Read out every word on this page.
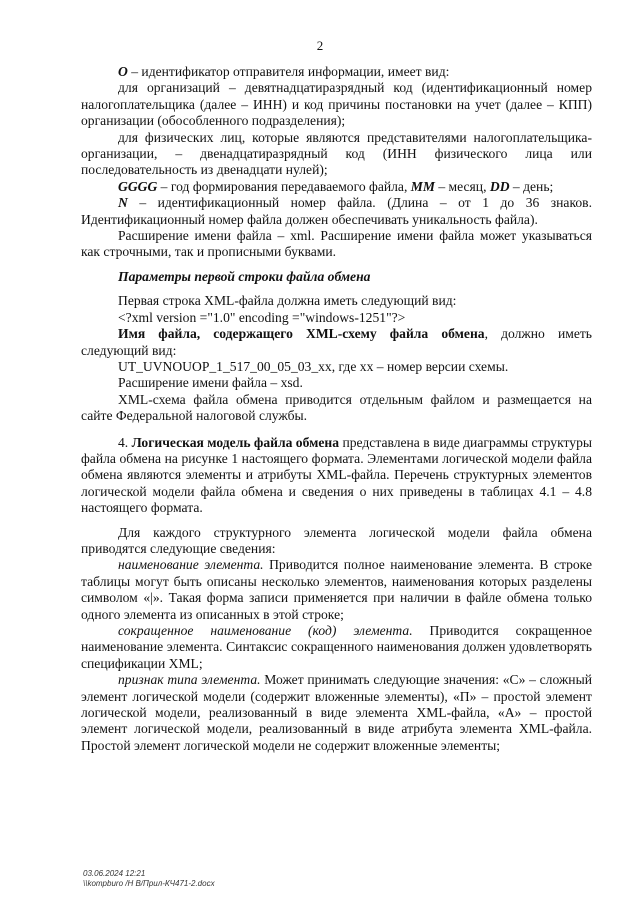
2

O – идентификатор отправителя информации, имеет вид:

для организаций – девятнадцатиразрядный код (идентификационный номер налогоплательщика (далее – ИНН) и код причины постановки на учет (далее – КПП) организации (обособленного подразделения);

для физических лиц, которые являются представителями налогоплательщика-организации, – двенадцатиразрядный код (ИНН физического лица или последовательность из двенадцати нулей);

GGGG – год формирования передаваемого файла, MM – месяц, DD – день;

N – идентификационный номер файла. (Длина – от 1 до 36 знаков. Идентификационный номер файла должен обеспечивать уникальность файла).

Расширение имени файла – xml. Расширение имени файла может указываться как строчными, так и прописными буквами.

Параметры первой строки файла обмена

Первая строка XML-файла должна иметь следующий вид:

<?xml version ="1.0" encoding ="windows-1251"?>

Имя файла, содержащего XML-схему файла обмена, должно иметь следующий вид:

UT_UVNOUOP_1_517_00_05_03_xx, где хх – номер версии схемы.

Расширение имени файла – xsd.

XML-схема файла обмена приводится отдельным файлом и размещается на сайте Федеральной налоговой службы.

4. Логическая модель файла обмена представлена в виде диаграммы структуры файла обмена на рисунке 1 настоящего формата. Элементами логической модели файла обмена являются элементы и атрибуты XML-файла. Перечень структурных элементов логической модели файла обмена и сведения о них приведены в таблицах 4.1 – 4.8 настоящего формата.

Для каждого структурного элемента логической модели файла обмена приводятся следующие сведения:

наименование элемента. Приводится полное наименование элемента. В строке таблицы могут быть описаны несколько элементов, наименования которых разделены символом «|». Такая форма записи применяется при наличии в файле обмена только одного элемента из описанных в этой строке;

сокращенное наименование (код) элемента. Приводится сокращенное наименование элемента. Синтаксис сокращенного наименования должен удовлетворять спецификации XML;

признак типа элемента. Может принимать следующие значения: «С» – сложный элемент логической модели (содержит вложенные элементы), «П» – простой элемент логической модели, реализованный в виде элемента XML-файла, «А» – простой элемент логической модели, реализованный в виде атрибута элемента XML-файла. Простой элемент логической модели не содержит вложенные элементы;

03.06.2024 12:21
\\kompburo /Н В/Прил-КЧ471-2.docx
